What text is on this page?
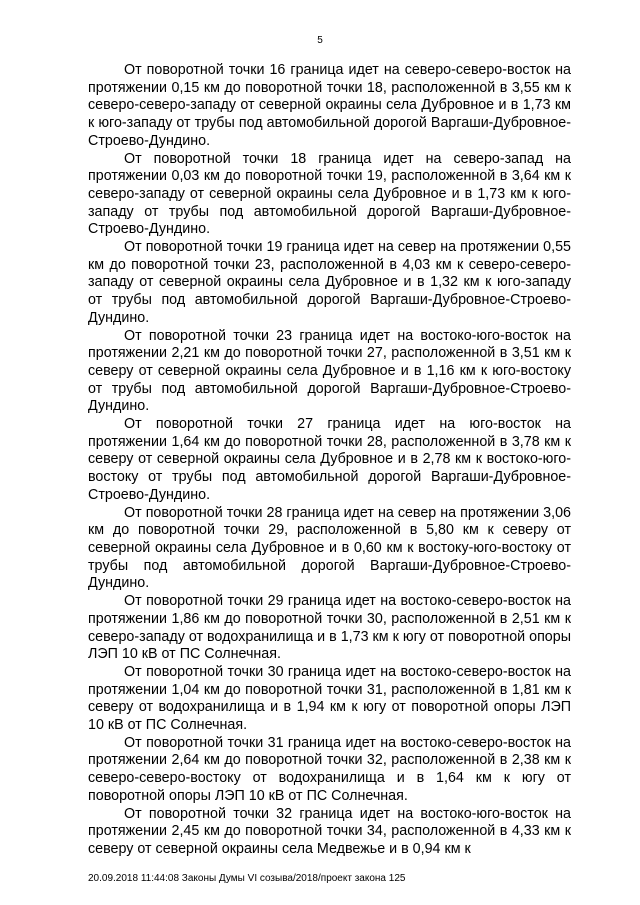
5

От поворотной точки 16 граница идет на северо-северо-восток на протяжении 0,15 км до поворотной точки 18, расположенной в 3,55 км к северо-северо-западу от северной окраины села Дубровное и в 1,73 км к юго-западу от трубы под автомобильной дорогой Варгаши-Дубровное-Строево-Дундино.

От поворотной точки 18 граница идет на северо-запад на протяжении 0,03 км до поворотной точки 19, расположенной в 3,64 км к северо-западу от северной окраины села Дубровное и в 1,73 км к юго-западу от трубы под автомобильной дорогой Варгаши-Дубровное-Строево-Дундино.

От поворотной точки 19 граница идет на север на протяжении 0,55 км до поворотной точки 23, расположенной в 4,03 км к северо-северо-западу от северной окраины села Дубровное и в 1,32 км к юго-западу от трубы под автомобильной дорогой Варгаши-Дубровное-Строево-Дундино.

От поворотной точки 23 граница идет на востоко-юго-восток на протяжении 2,21 км до поворотной точки 27, расположенной в 3,51 км к северу от северной окраины села Дубровное и в 1,16 км к юго-востоку от трубы под автомобильной дорогой Варгаши-Дубровное-Строево-Дундино.

От поворотной точки 27 граница идет на юго-восток на протяжении 1,64 км до поворотной точки 28, расположенной в 3,78 км к северу от северной окраины села Дубровное и в 2,78 км к востоко-юго-востоку от трубы под автомобильной дорогой Варгаши-Дубровное-Строево-Дундино.

От поворотной точки 28 граница идет на север на протяжении 3,06 км до поворотной точки 29, расположенной в 5,80 км к северу от северной окраины села Дубровное и в 0,60 км к востоку-юго-востоку от трубы под автомобильной дорогой Варгаши-Дубровное-Строево-Дундино.

От поворотной точки 29 граница идет на востоко-северо-восток на протяжении 1,86 км до поворотной точки 30, расположенной в 2,51 км к северо-западу от водохранилища и в 1,73 км к югу от поворотной опоры ЛЭП 10 кВ от ПС Солнечная.

От поворотной точки 30 граница идет на востоко-северо-восток на протяжении 1,04 км до поворотной точки 31, расположенной в 1,81 км к северу от водохранилища и в 1,94 км к югу от поворотной опоры ЛЭП 10 кВ от ПС Солнечная.

От поворотной точки 31 граница идет на востоко-северо-восток на протяжении 2,64 км до поворотной точки 32, расположенной в 2,38 км к северо-северо-востоку от водохранилища и в 1,64 км к югу от поворотной опоры ЛЭП 10 кВ от ПС Солнечная.

От поворотной точки 32 граница идет на востоко-юго-восток на протяжении 2,45 км до поворотной точки 34, расположенной в 4,33 км к северу от северной окраины села Медвежье и в 0,94 км к

20.09.2018 11:44:08 Законы Думы VI созыва/2018/проект закона 125
